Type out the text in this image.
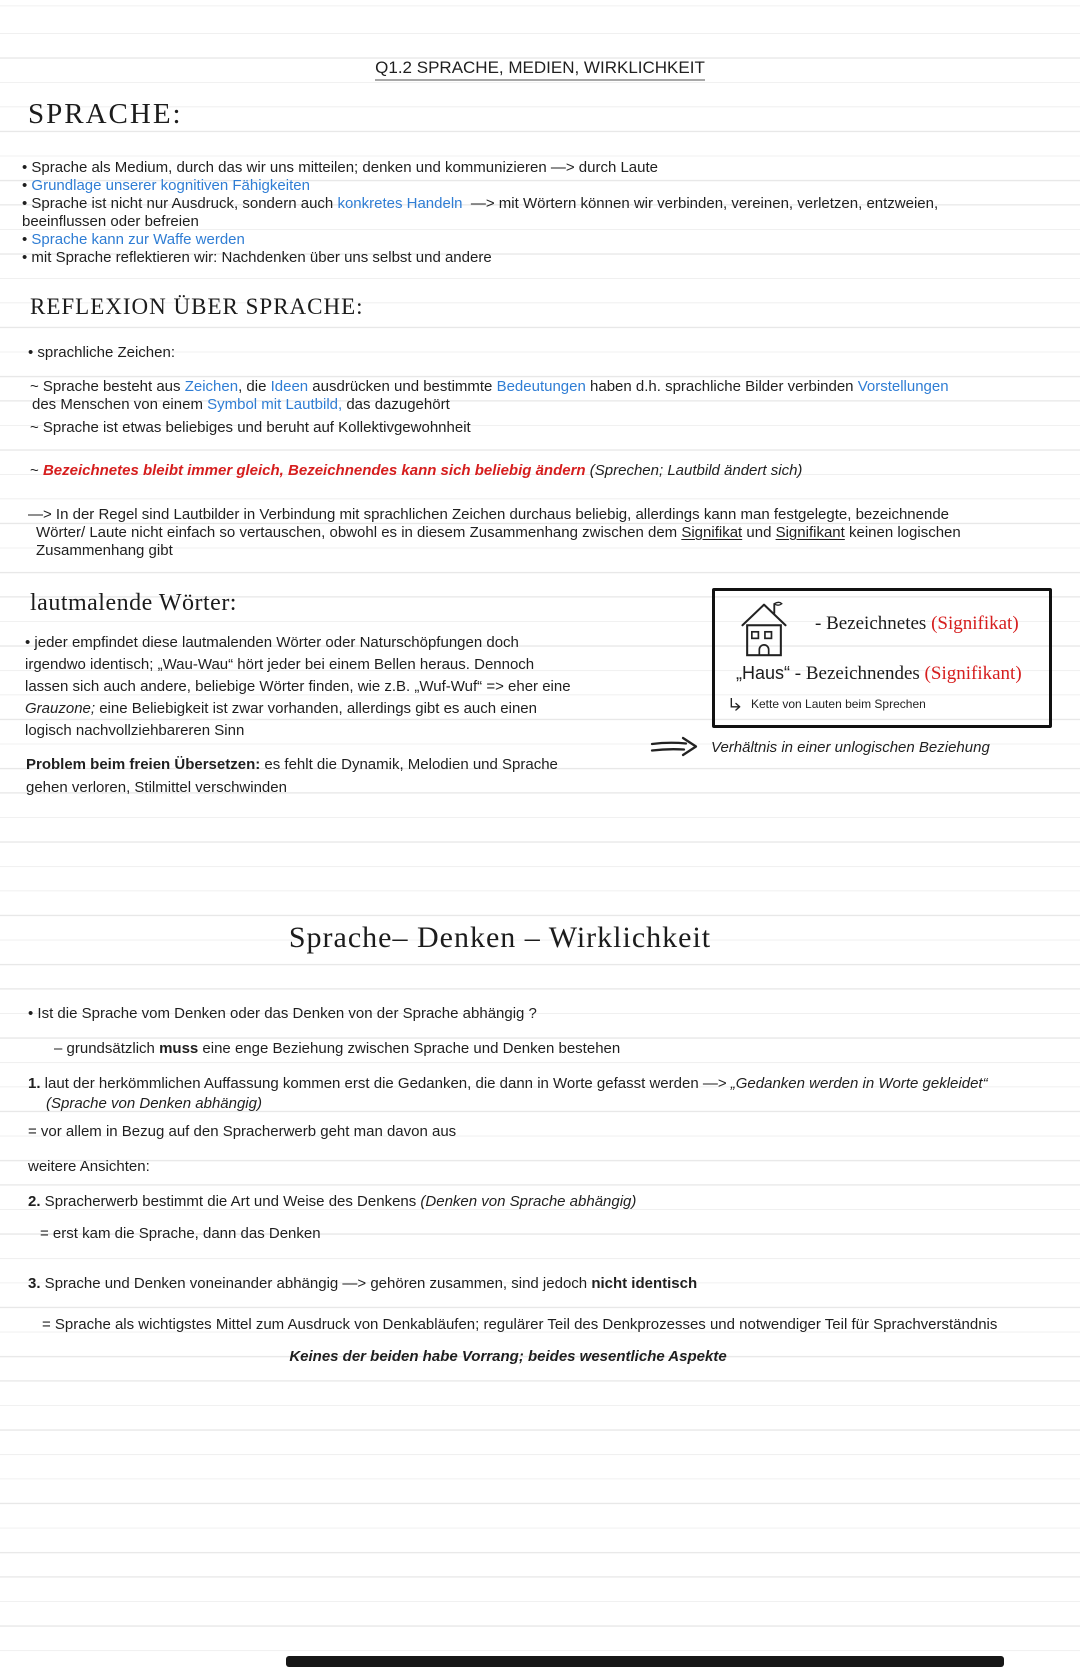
Q1.2 SPRACHE, MEDIEN, WIRKLICHKEIT
SPRACHE:
• Sprache als Medium, durch das wir uns mitteilen; denken und kommunizieren —> durch Laute
• Grundlage unserer kognitiven Fähigkeiten
• Sprache ist nicht nur Ausdruck, sondern auch konkretes Handeln  —> mit Wörtern können wir verbinden, vereinen, verletzen, entzweien,
beeinflussen oder befreien
• Sprache kann zur Waffe werden
• mit Sprache reflektieren wir: Nachdenken über uns selbst und andere
REFLEXION ÜBER SPRACHE:
• sprachliche Zeichen:
~ Sprache besteht aus Zeichen, die Ideen ausdrücken und bestimmte Bedeutungen haben d.h. sprachliche Bilder verbinden Vorstellungen
des Menschen von einem Symbol mit Lautbild, das dazugehört
~ Sprache ist etwas beliebiges und beruht auf Kollektivgewohnheit
~ Bezeichnetes bleibt immer gleich, Bezeichnendes kann sich beliebig ändern (Sprechen; Lautbild ändert sich)
—> In der Regel sind Lautbilder in Verbindung mit sprachlichen Zeichen durchaus beliebig, allerdings kann man festgelegte, bezeichnende
Wörter/ Laute nicht einfach so vertauschen, obwohl es in diesem Zusammenhang zwischen dem Signifikat und Signifikant keinen logischen
Zusammenhang gibt
lautmalende Wörter:
• jeder empfindet diese lautmalenden Wörter oder Naturschöpfungen doch
irgendwo identisch; „Wau-Wau“ hört jeder bei einem Bellen heraus. Dennoch
lassen sich auch andere, beliebige Wörter finden, wie z.B. „Wuf-Wuf“ => eher eine
Grauzone; eine Beliebigkeit ist zwar vorhanden, allerdings gibt es auch einen
logisch nachvollziehbareren Sinn
- Bezeichnetes (Signifikat)
„Haus“ - Bezeichnendes (Signifikant)
Kette von Lauten beim Sprechen
Verhältnis in einer unlogischen Beziehung
Problem beim freien Übersetzen: es fehlt die Dynamik, Melodien und Sprache
gehen verloren, Stilmittel verschwinden
Sprache– Denken – Wirklichkeit
• Ist die Sprache vom Denken oder das Denken von der Sprache abhängig ?
– grundsätzlich muss eine enge Beziehung zwischen Sprache und Denken bestehen
1. laut der herkömmlichen Auffassung kommen erst die Gedanken, die dann in Worte gefasst werden —> „Gedanken werden in Worte gekleidet“
(Sprache von Denken abhängig)
= vor allem in Bezug auf den Spracherwerb geht man davon aus
weitere Ansichten:
2. Spracherwerb bestimmt die Art und Weise des Denkens (Denken von Sprache abhängig)
= erst kam die Sprache, dann das Denken
3. Sprache und Denken voneinander abhängig —> gehören zusammen, sind jedoch nicht identisch
= Sprache als wichtigstes Mittel zum Ausdruck von Denkabläufen; regulärer Teil des Denkprozesses und notwendiger Teil für Sprachverständnis
Keines der beiden habe Vorrang; beides wesentliche Aspekte
